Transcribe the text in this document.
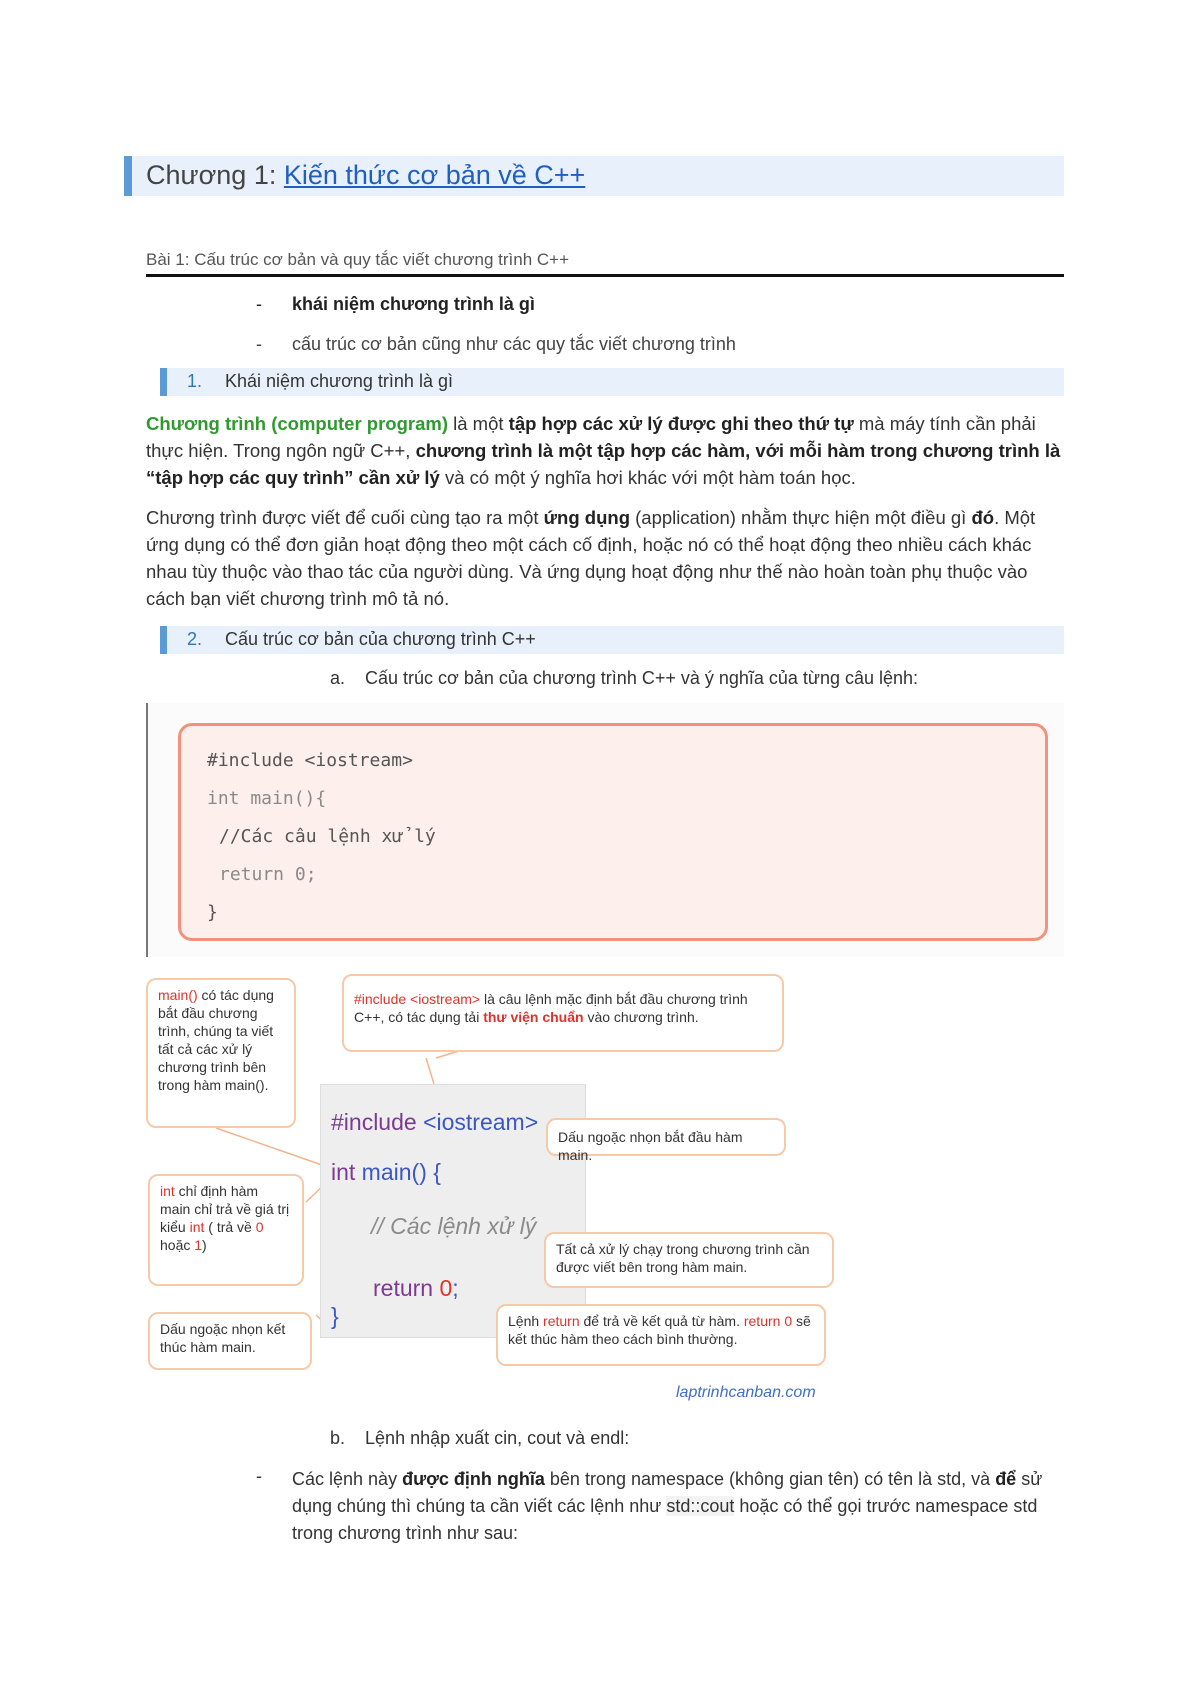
Chương 1: Kiến thức cơ bản về C++
Bài 1: Cấu trúc cơ bản và quy tắc viết chương trình C++
- khái niệm chương trình là gì
- cấu trúc cơ bản cũng như các quy tắc viết chương trình
1. Khái niệm chương trình là gì
Chương trình (computer program) là một tập hợp các xử lý được ghi theo thứ tự mà máy tính cần phải thực hiện. Trong ngôn ngữ C++, chương trình là một tập hợp các hàm, với mỗi hàm trong chương trình là “tập hợp các quy trình” cần xử lý và có một ý nghĩa hơi khác với một hàm toán học.
Chương trình được viết để cuối cùng tạo ra một ứng dụng (application) nhằm thực hiện một điều gì đó. Một ứng dụng có thể đơn giản hoạt động theo một cách cố định, hoặc nó có thể hoạt động theo nhiều cách khác nhau tùy thuộc vào thao tác của người dùng. Và ứng dụng hoạt động như thế nào hoàn toàn phụ thuộc vào cách bạn viết chương trình mô tả nó.
2. Cấu trúc cơ bản của chương trình C++
a. Cấu trúc cơ bản của chương trình C++ và ý nghĩa của từng câu lệnh:
#include <iostream>
int main(){
//Các câu lệnh xử lý
return 0;
}
#include <iostream>
int main() {
// Các lệnh xử lý
return 0;
}
main() có tác dụng bắt đầu chương trình, chúng ta viết tất cả các xử lý chương trình bên trong hàm main().
#include <iostream> là câu lệnh mặc định bắt đầu chương trình C++, có tác dụng tải thư viện chuẩn vào chương trình.
int chỉ định hàm main chỉ trả về giá trị kiểu int ( trả về 0 hoặc 1)
Dấu ngoặc nhọn kết thúc hàm main.
Dấu ngoặc nhọn bắt đầu hàm main.
Tất cả xử lý chạy trong chương trình cần được viết bên trong hàm main.
Lệnh return để trả về kết quả từ hàm. return 0 sẽ kết thúc hàm theo cách bình thường.
laptrinhcanban.com
b. Lệnh nhập xuất cin, cout và endl:
- Các lệnh này được định nghĩa bên trong namespace (không gian tên) có tên là std, và để sử dụng chúng thì chúng ta cần viết các lệnh như std::cout hoặc có thể gọi trước namespace std trong chương trình như sau:
